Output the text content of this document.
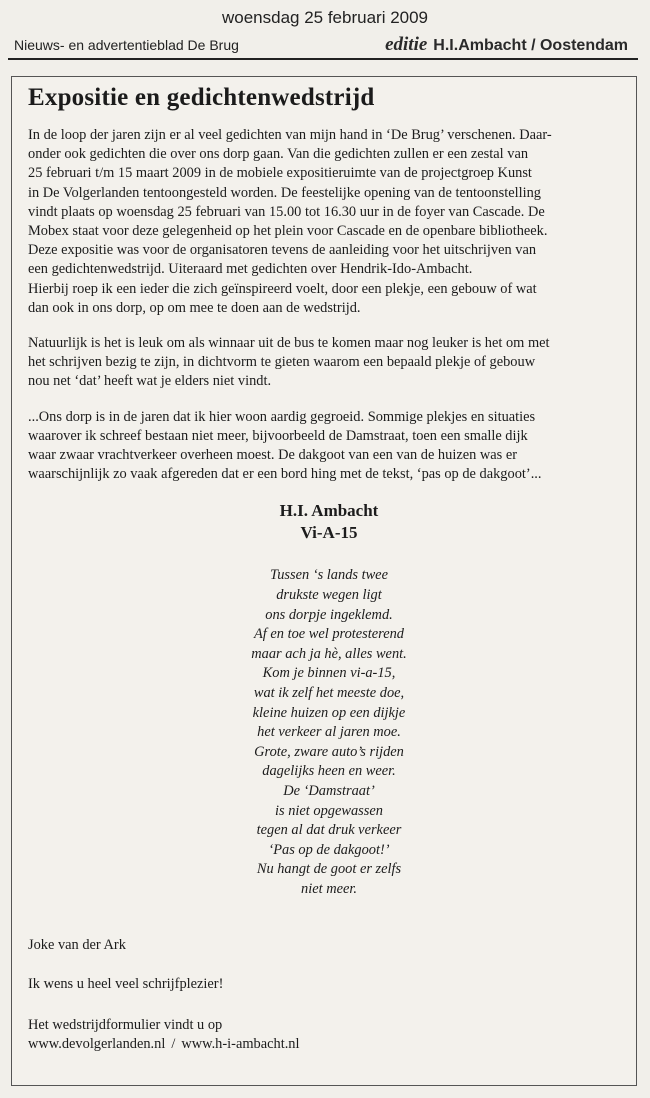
woensdag 25 februari 2009
Nieuws- en advertentieblad De Brug	editie H.I.Ambacht / Oostendam
Expositie en gedichtenwedstrijd
In de loop der jaren zijn er al veel gedichten van mijn hand in ‘De Brug’ verschenen. Daar-
onder ook gedichten die over ons dorp gaan. Van die gedichten zullen er een zestal van
25 februari t/m 15 maart 2009 in de mobiele expositieruimte van de projectgroep Kunst
in De Volgerlanden tentoongesteld worden. De feestelijke opening van de tentoonstelling
vindt plaats op woensdag 25 februari van 15.00 tot 16.30 uur in de foyer van Cascade. De
Mobex staat voor deze gelegenheid op het plein voor Cascade en de openbare bibliotheek.
Deze expositie was voor de organisatoren tevens de aanleiding voor het uitschrijven van
een gedichtenwedstrijd. Uiteraard met gedichten over Hendrik-Ido-Ambacht.
Hierbij roep ik een ieder die zich geïnspireerd voelt, door een plekje, een gebouw of wat
dan ook in ons dorp, op om mee te doen aan de wedstrijd.
Natuurlijk is het is leuk om als winnaar uit de bus te komen maar nog leuker is het om met
het schrijven bezig te zijn, in dichtvorm te gieten waarom een bepaald plekje of gebouw
nou net ‘dat’ heeft wat je elders niet vindt.
...Ons dorp is in de jaren dat ik hier woon aardig gegroeid. Sommige plekjes en situaties
waarover ik schreef bestaan niet meer, bijvoorbeeld de Damstraat, toen een smalle dijk
waar zwaar vrachtverkeer overheen moest. De dakgoot van een van de huizen was er
waarschijnlijk zo vaak afgereden dat er een bord hing met de tekst, ‘pas op de dakgoot’...
H.I. Ambacht
Vi-A-15
Tussen ‘s lands twee
drukste wegen ligt
ons dorpje ingeklemd.
Af en toe wel protesterend
maar ach ja hè, alles went.
Kom je binnen vi-a-15,
wat ik zelf het meeste doe,
kleine huizen op een dijkje
het verkeer al jaren moe.
Grote, zware auto’s rijden
dagelijks heen en weer.
De ‘Damstraat’
is niet opgewassen
tegen al dat druk verkeer
‘Pas op de dakgoot!’
Nu hangt de goot er zelfs
niet meer.
Joke van der Ark
Ik wens u heel veel schrijfplezier!
Het wedstrijdformulier vindt u op
www.devolgerlanden.nl / www.h-i-ambacht.nl
